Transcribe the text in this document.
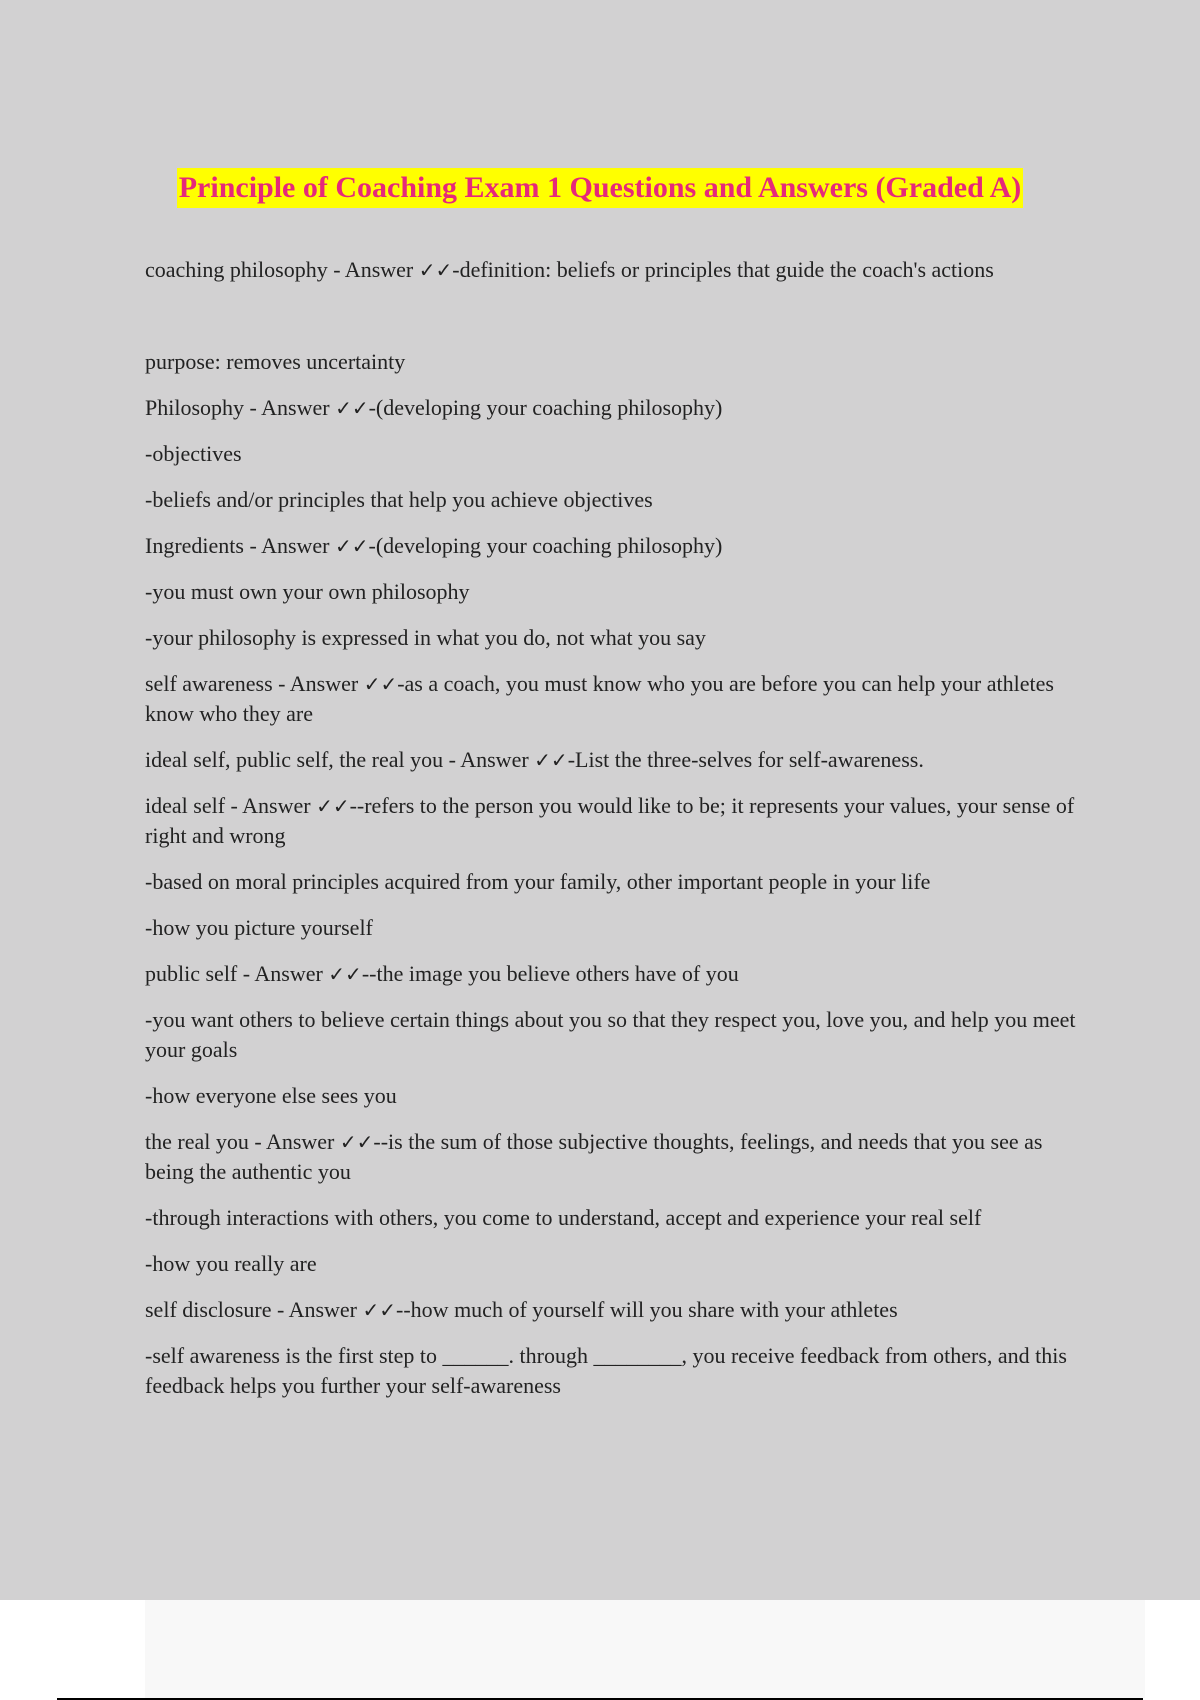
Principle of Coaching Exam 1 Questions and Answers (Graded A)

coaching philosophy - Answer ✓✓-definition: beliefs or principles that guide the coach's actions

purpose: removes uncertainty

Philosophy - Answer ✓✓-(developing your coaching philosophy)

-objectives

-beliefs and/or principles that help you achieve objectives

Ingredients - Answer ✓✓-(developing your coaching philosophy)

-you must own your own philosophy

-your philosophy is expressed in what you do, not what you say

self awareness - Answer ✓✓-as a coach, you must know who you are before you can help your athletes know who they are

ideal self, public self, the real you - Answer ✓✓-List the three-selves for self-awareness.

ideal self - Answer ✓✓--refers to the person you would like to be; it represents your values, your sense of right and wrong

-based on moral principles acquired from your family, other important people in your life

-how you picture yourself

public self - Answer ✓✓--the image you believe others have of you

-you want others to believe certain things about you so that they respect you, love you, and help you meet your goals

-how everyone else sees you

the real you - Answer ✓✓--is the sum of those subjective thoughts, feelings, and needs that you see as being the authentic you

-through interactions with others, you come to understand, accept and experience your real self

-how you really are

self disclosure - Answer ✓✓--how much of yourself will you share with your athletes

-self awareness is the first step to ______. through ________, you receive feedback from others, and this feedback helps you further your self-awareness
